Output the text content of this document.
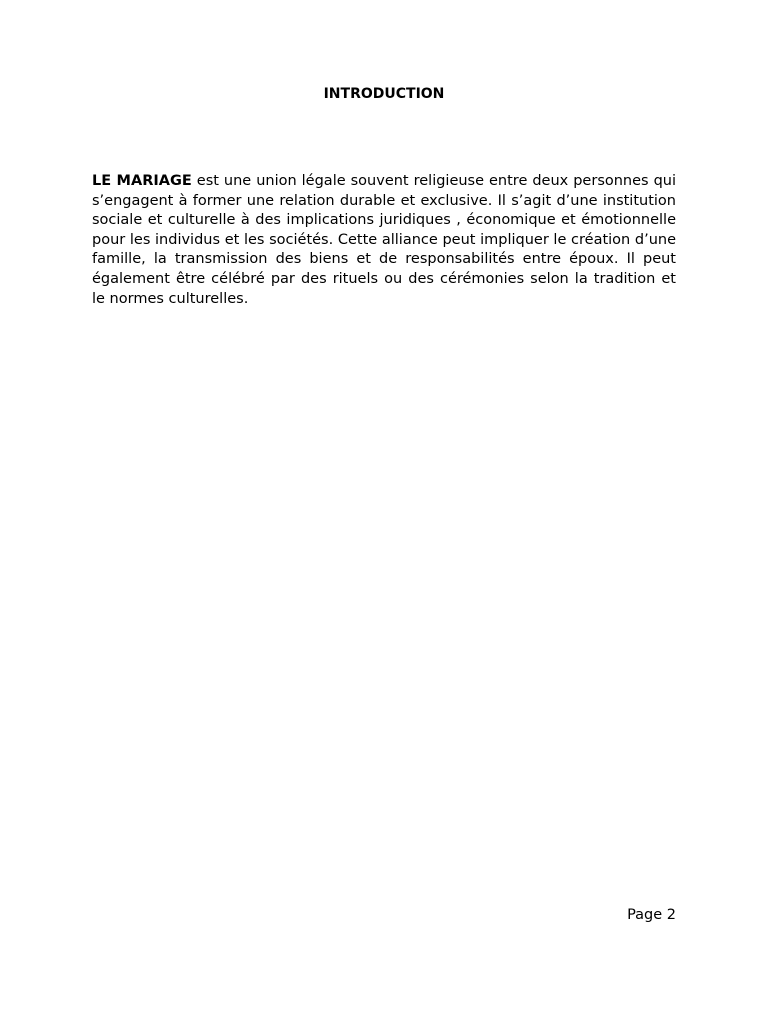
INTRODUCTION

LE MARIAGE est une union légale souvent religieuse entre deux personnes qui s’engagent à former une relation durable et exclusive. Il s’agit d’une institution sociale et culturelle à des implications juridiques , économique et émotionnelle pour les individus et les sociétés. Cette alliance peut impliquer le création d’une famille, la transmission des biens et de responsabilités entre époux. Il peut également être célébré par des rituels ou des cérémonies selon la tradition et le normes culturelles.

Page 2
